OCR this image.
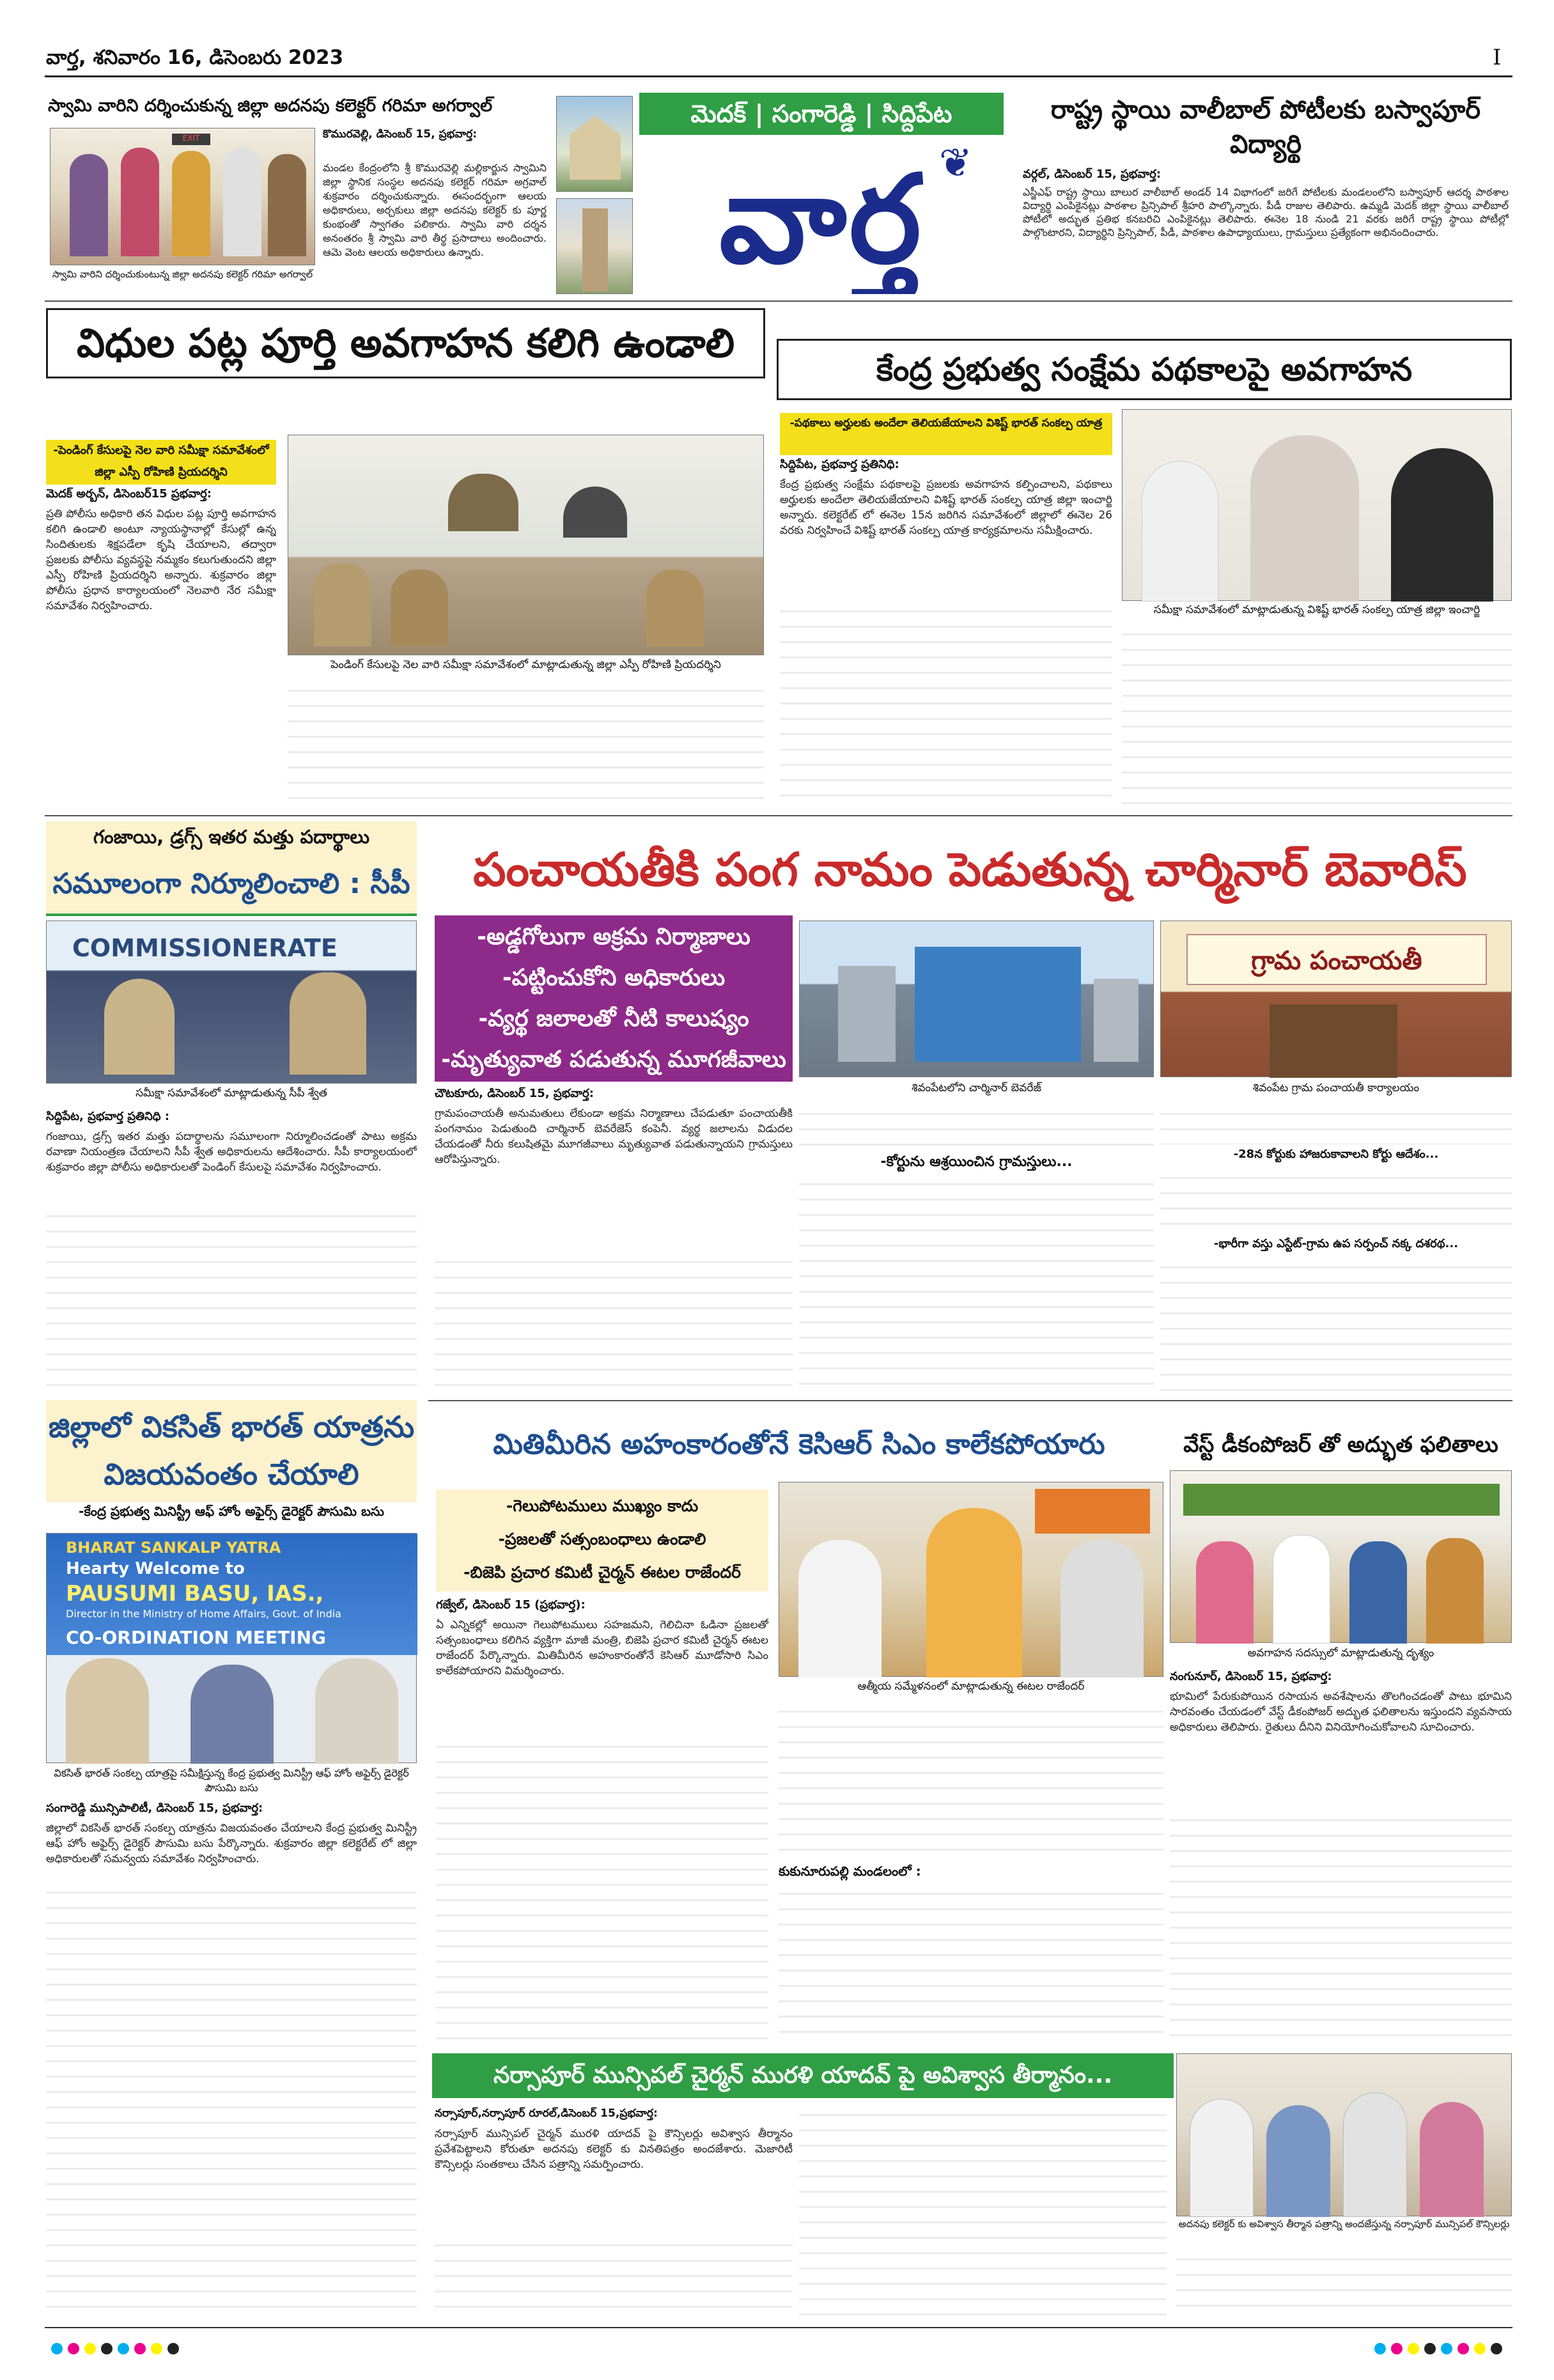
వార్త, శనివారం 16, డిసెంబరు 2023	I
స్వామి వారిని దర్శించుకున్న జిల్లా అదనపు కలెక్టర్ గరిమా అగర్వాల్
EXIT
స్వామి వారిని దర్శించుకుంటున్న జిల్లా అదనపు కలెక్టర్ గరిమా అగర్వాల్
కొమురవెల్లి, డిసెంబర్ 15, ప్రభవార్త:
మండల కేంద్రంలోని శ్రీ కొమురవెల్లి మల్లికార్జున స్వామిని జిల్లా స్థానిక సంస్థల అదనపు కలెక్టర్ గరిమా అగ్రవాల్ శుక్రవారం దర్శించుకున్నారు. ఈసందర్భంగా ఆలయ అధికారులు, అర్చకులు జిల్లా అదనపు కలెక్టర్ కు పూర్ణ కుంభంతో స్వాగతం పలికారు. స్వామి వారి దర్శన అనంతరం శ్రీ స్వామి వారి తీర్థ ప్రసాదాలు అందించారు. ఆమె వెంట ఆలయ అధికారులు ఉన్నారు.
మెదక్ | సంగారెడ్డి | సిద్దిపేట
వార్త ❦
రాష్ట్ర స్థాయి వాలీబాల్ పోటీలకు బస్వాపూర్ విద్యార్థి
వర్గల్, డిసెంబర్ 15, ప్రభవార్త:
ఎస్జీఎఫ్ రాష్ట్ర స్థాయి బాలుర వాలీబాల్ అండర్ 14 విభాగంలో జరిగే పోటీలకు మండలంలోని బస్వాపూర్ ఆదర్శ పాఠశాల విద్యార్థి ఎంపికైనట్లు పాఠశాల ప్రిన్సిపాల్ శ్రీహరి పాల్కొన్నారు. పీడీ రాజుల తెలిపారు. ఉమ్మడి మెదక్ జిల్లా స్థాయి వాలీబాల్ పోటీలో అద్భుత ప్రతిభ కనబరిచి ఎంపికైనట్లు తెలిపారు. ఈనెల 18 నుండి 21 వరకు జరిగే రాష్ట్ర స్థాయి పోటీల్లో పాల్గొంటారని, విద్యార్థిని ప్రిన్సిపాల్, పీడీ, పాఠశాల ఉపాధ్యాయులు, గ్రామస్తులు ప్రత్యేకంగా అభినందించారు.
విధుల పట్ల పూర్తి అవగాహన కలిగి ఉండాలి
-పెండింగ్ కేసులపై నెల వారి సమీక్షా సమావేశంలో జిల్లా ఎస్పీ రోహిణి ప్రియదర్శిని
మెదక్ అర్బన్, డిసెంబర్15 ప్రభవార్త:
ప్రతి పోలీసు అధికారి తన విధుల పట్ల పూర్తి అవగాహన కలిగి ఉండాలి అంటూ న్యాయస్థానాల్లో కేసుల్లో ఉన్న సిందితులకు శిక్షపడేలా కృషి చేయాలని, తద్వారా ప్రజలకు పోలీసు వ్యవస్థపై నమ్మకం కలుగుతుందని జిల్లా ఎస్పీ రోహిణి ప్రియదర్శిని అన్నారు. శుక్రవారం జిల్లా పోలీసు ప్రధాన కార్యాలయంలో నెలవారి నేర సమీక్షా సమావేశం నిర్వహించారు.
పెండింగ్ కేసులపై నెల వారి సమీక్షా సమావేశంలో మాట్లాడుతున్న జిల్లా ఎస్పీ రోహిణి ప్రియదర్శిని
కేంద్ర ప్రభుత్వ సంక్షేమ పథకాలపై అవగాహన
-పథకాలు అర్హులకు అందేలా తెలియజేయాలని విశిష్ట్ భారత్ సంకల్ప యాత్ర
సిద్దిపేట, ప్రభవార్త ప్రతినిధి:
కేంద్ర ప్రభుత్వ సంక్షేమ పథకాలపై ప్రజలకు అవగాహన కల్పించాలని, పథకాలు అర్హులకు అందేలా తెలియజేయాలని విశిష్ట్ భారత్ సంకల్ప యాత్ర జిల్లా ఇంచార్జి అన్నారు. కలెక్టరేట్ లో ఈనెల 15న జరిగిన సమావేశంలో జిల్లాలో ఈనెల 26 వరకు నిర్వహించే విశిష్ట్ భారత్ సంకల్ప యాత్ర కార్యక్రమాలను సమీక్షించారు.
సమీక్షా సమావేశంలో మాట్లాడుతున్న విశిష్ట్ భారత్ సంకల్ప యాత్ర జిల్లా ఇంచార్జి
గంజాయి, డ్రగ్స్ ఇతర మత్తు పదార్థాలు
సమూలంగా నిర్మూలించాలి : సీపీ
COMMISSIONERATE
సమీక్షా సమావేశంలో మాట్లాడుతున్న సీపీ శ్వేత
సిద్దిపేట, ప్రభవార్త ప్రతినిధి :
గంజాయి, డ్రగ్స్ ఇతర మత్తు పదార్థాలను సమూలంగా నిర్మూలించడంతో పాటు అక్రమ రవాణా నియంత్రణ చేయాలని సీపీ శ్వేత అధికారులను ఆదేశించారు. సీపీ కార్యాలయంలో శుక్రవారం జిల్లా పోలీసు అధికారులతో పెండింగ్ కేసులపై సమావేశం నిర్వహించారు.
పంచాయతీకి పంగ నామం పెడుతున్న చార్మినార్ బెవారిస్
-అడ్డగోలుగా అక్రమ నిర్మాణాలు
-పట్టించుకోని అధికారులు
-వ్యర్థ జలాలతో నీటి కాలుష్యం
-మృత్యువాత పడుతున్న మూగజీవాలు
శివంపేటలోని చార్మినార్ బెవరేజ్
గ్రామ పంచాయతీ
శివంపేట గ్రామ పంచాయతీ కార్యాలయం
చౌటకూరు, డిసెంబర్ 15, ప్రభవార్త:
గ్రామపంచాయతీ అనుమతులు లేకుండా అక్రమ నిర్మాణాలు చేపడుతూ పంచాయతీకి పంగనామం పెడుతుంది చార్మినార్ బెవరేజెస్ కంపెనీ. వ్యర్థ జలాలను విడుదల చేయడంతో నీరు కలుషితమై మూగజీవాలు మృత్యువాత పడుతున్నాయని గ్రామస్తులు ఆరోపిస్తున్నారు.	-కోర్టును ఆశ్రయించిన గ్రామస్తులు...	-28న కోర్టుకు హాజరుకావాలని కోర్టు ఆదేశం...
-భారీగా వస్తు ఎస్టేట్-గ్రామ ఉప సర్పంచ్ నక్క దశరథ...
జిల్లాలో వికసిత్ భారత్ యాత్రను విజయవంతం చేయాలి
-కేంద్ర ప్రభుత్వ మినిస్ట్రీ ఆఫ్ హోం అఫైర్స్ డైరెక్టర్ పౌసుమి బసు
BHARAT SANKALP YATRA
Hearty Welcome to
PAUSUMI BASU, IAS.,
Director in the Ministry of Home Affairs, Govt. of India
CO-ORDINATION MEETING
వికసిత్ భారత్ సంకల్ప యాత్రపై సమీక్షిస్తున్న కేంద్ర ప్రభుత్వ మినిస్ట్రీ ఆఫ్ హోం అఫైర్స్ డైరెక్టర్ పౌసుమి బసు
సంగారెడ్డి మున్సిపాలిటీ, డిసెంబర్ 15, ప్రభవార్త:
జిల్లాలో వికసిత్ భారత్ సంకల్ప యాత్రను విజయవంతం చేయాలని కేంద్ర ప్రభుత్వ మినిస్ట్రీ ఆఫ్ హోం అఫైర్స్ డైరెక్టర్ పౌసుమి బసు పేర్కొన్నారు. శుక్రవారం జిల్లా కలెక్టరేట్ లో జిల్లా అధికారులతో సమన్వయ సమావేశం నిర్వహించారు.
మితిమీరిన అహంకారంతోనే కెసిఆర్ సిఎం కాలేకపోయారు
-గెలుపోటములు ముఖ్యం కాదు
-ప్రజలతో సత్సంబంధాలు ఉండాలి
-బిజెపి ప్రచార కమిటీ చైర్మన్ ఈటల రాజేందర్
గజ్వేల్, డిసెంబర్ 15 (ప్రభవార్త):
ఏ ఎన్నికల్లో అయినా గెలుపోటములు సహజమని, గెలిచినా ఓడినా ప్రజలతో సత్సంబంధాలు కలిగిన వ్యక్తిగా మాజీ మంత్రి, బిజెపి ప్రచార కమిటీ చైర్మన్ ఈటల రాజేందర్ పేర్కొన్నారు. మితిమీరిన అహంకారంతోనే కెసిఆర్ మూడోసారి సిఎం కాలేకపోయారని విమర్శించారు.
ఆత్మీయ సమ్మేళనంలో మాట్లాడుతున్న ఈటల రాజేందర్
కుకునూరుపల్లి మండలంలో :
వేస్ట్ డీకంపోజర్ తో అద్భుత ఫలితాలు
అవగాహన సదస్సులో మాట్లాడుతున్న దృశ్యం
నంగునూర్, డిసెంబర్ 15, ప్రభవార్త:
భూమిలో పేరుకుపోయిన రసాయన అవశేషాలను తొలగించడంతో పాటు భూమిని సారవంతం చేయడంలో వేస్ట్ డీకంపోజర్ అద్భుత ఫలితాలను ఇస్తుందని వ్యవసాయ అధికారులు తెలిపారు. రైతులు దీనిని వినియోగించుకోవాలని సూచించారు.
నర్సాపూర్ మున్సిపల్ చైర్మన్ మురళి యాదవ్ పై అవిశ్వాస తీర్మానం...
నర్సాపూర్,నర్సాపూర్ రూరల్,డిసెంబర్ 15,ప్రభవార్త:
నర్సాపూర్ మున్సిపల్ చైర్మన్ మురళి యాదవ్ పై కౌన్సిలర్లు అవిశ్వాస తీర్మానం ప్రవేశపెట్టాలని కోరుతూ అదనపు కలెక్టర్ కు వినతిపత్రం అందజేశారు. మెజారిటీ కౌన్సిలర్లు సంతకాలు చేసిన పత్రాన్ని సమర్పించారు.
అదనపు కలెక్టర్ కు అవిశ్వాస తీర్మాన పత్రాన్ని అందజేస్తున్న నర్సాపూర్ మున్సిపల్ కౌన్సిలర్లు
